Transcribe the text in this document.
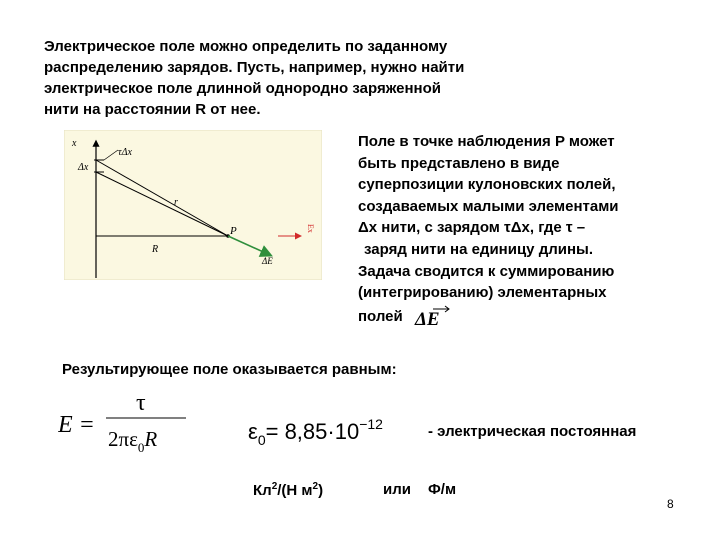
Электрическое поле можно определить по заданному
распределению зарядов. Пусть, например, нужно найти
электрическое поле длинной однородно заряженной
нити на расстоянии R от нее.
x
τΔx
Δx
r
R
P
ΔE
Ex
Поле в точке наблюдения P может
быть представлено в виде
суперпозиции кулоновских полей,
создаваемых малыми элементами
Δx нити, с зарядом τΔx, где τ –
заряд нити на единицу длины.
Задача сводится к суммированию
(интегрированию) элементарных
полей ΔE
Результирующее поле оказывается равным:
E =
τ
$2\pi\varepsilon_0R$	$\varepsilon_0= 8,85\cdot 10^{-12}$	- электрическая постоянная
$Кл^2/(Н$ $м^2$)	или Ф/м
8
